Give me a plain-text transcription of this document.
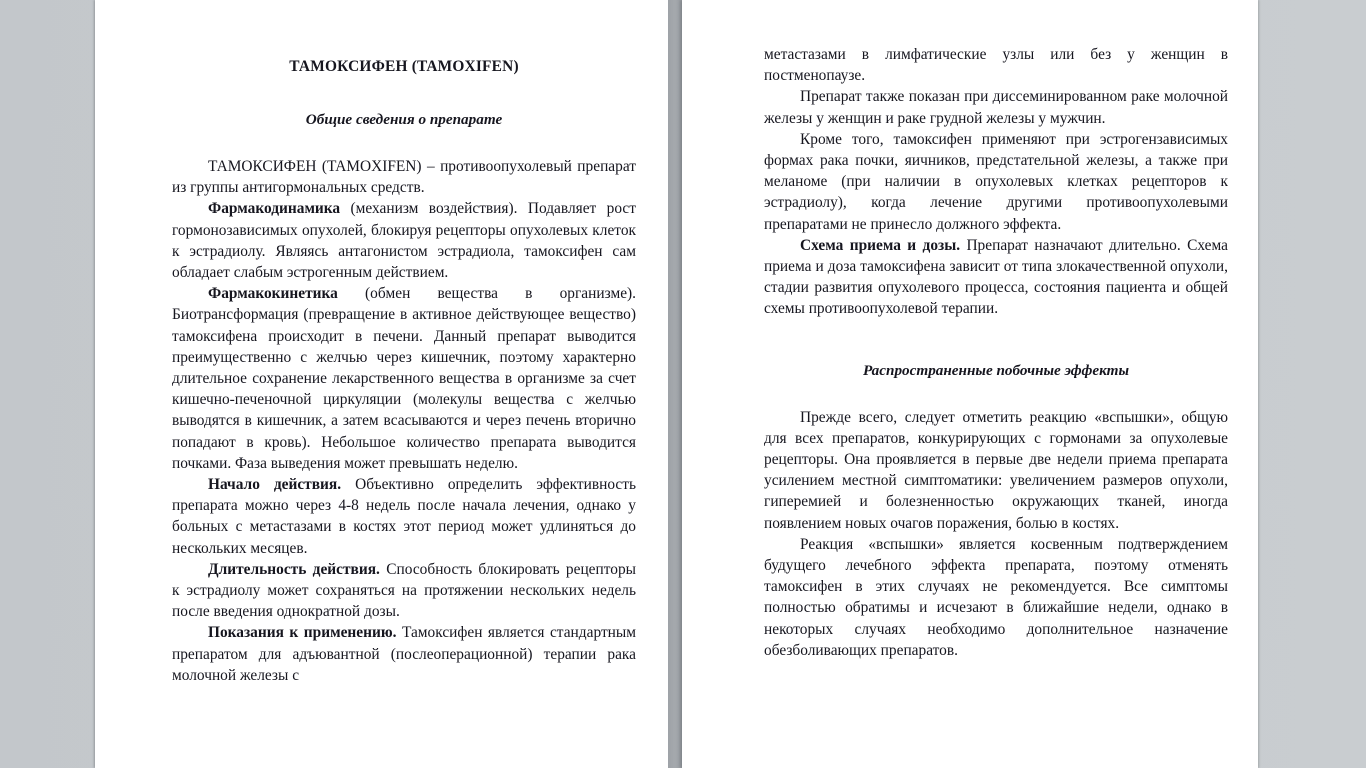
ТАМОКСИФЕН (TAMOXIFEN)
Общие сведения о препарате

ТАМОКСИФЕН (TAMOXIFEN) – противоопухолевый препарат из группы антигормональных средств.

Фармакодинамика (механизм воздействия). Подавляет рост гормонозависимых опухолей, блокируя рецепторы опухолевых клеток к эстрадиолу. Являясь антагонистом эстрадиола, тамоксифен сам обладает слабым эстрогенным действием.

Фармакокинетика (обмен вещества в организме). Биотрансформация (превращение в активное действующее вещество) тамоксифена происходит в печени. Данный препарат выводится преимущественно с желчью через кишечник, поэтому характерно длительное сохранение лекарственного вещества в организме за счет кишечно-печеночной циркуляции (молекулы вещества с желчью выводятся в кишечник, а затем всасываются и через печень вторично попадают в кровь). Небольшое количество препарата выводится почками. Фаза выведения может превышать неделю.

Начало действия. Объективно определить эффективность препарата можно через 4-8 недель после начала лечения, однако у больных с метастазами в костях этот период может удлиняться до нескольких месяцев.

Длительность действия. Способность блокировать рецепторы к эстрадиолу может сохраняться на протяжении нескольких недель после введения однократной дозы.

Показания к применению. Тамоксифен является стандартным препаратом для адъювантной (послеоперационной) терапии рака молочной железы с

метастазами в лимфатические узлы или без у женщин в постменопаузе.

Препарат также показан при диссеминированном раке молочной железы у женщин и раке грудной железы у мужчин.

Кроме того, тамоксифен применяют при эстрогензависимых формах рака почки, яичников, предстательной железы, а также при меланоме (при наличии в опухолевых клетках рецепторов к эстрадиолу), когда лечение другими противоопухолевыми препаратами не принесло должного эффекта.

Схема приема и дозы. Препарат назначают длительно. Схема приема и доза тамоксифена зависит от типа злокачественной опухоли, стадии развития опухолевого процесса, состояния пациента и общей схемы противоопухолевой терапии.

Распространенные побочные эффекты

Прежде всего, следует отметить реакцию «вспышки», общую для всех препаратов, конкурирующих с гормонами за опухолевые рецепторы. Она проявляется в первые две недели приема препарата усилением местной симптоматики: увеличением размеров опухоли, гиперемией и болезненностью окружающих тканей, иногда появлением новых очагов поражения, болью в костях.

Реакция «вспышки» является косвенным подтверждением будущего лечебного эффекта препарата, поэтому отменять тамоксифен в этих случаях не рекомендуется. Все симптомы полностью обратимы и исчезают в ближайшие недели, однако в некоторых случаях необходимо дополнительное назначение обезболивающих препаратов.
